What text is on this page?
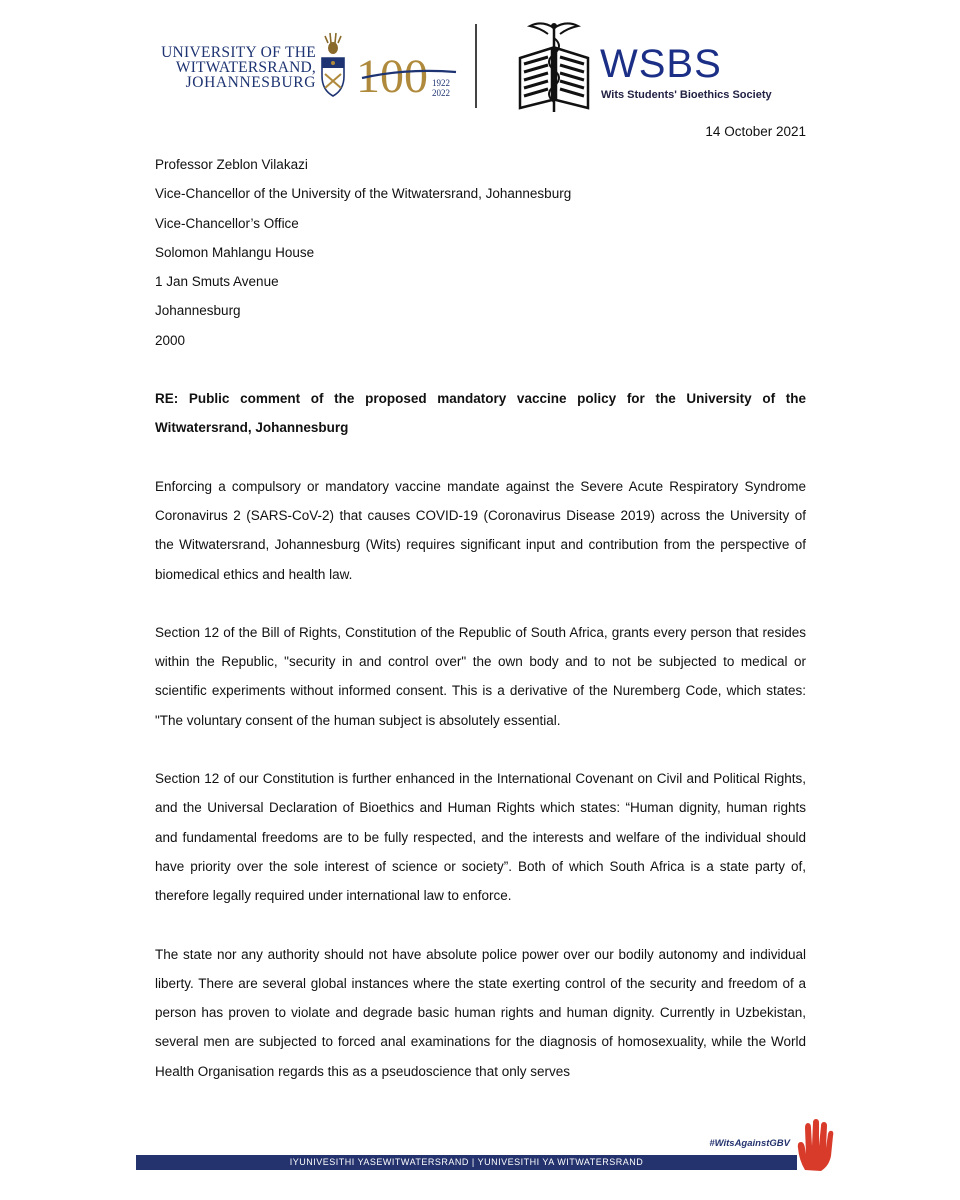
UNIVERSITY OF THE
WITWATERSRAND,
JOHANNESBURG 100 1922
2022
WSBS
Wits Students' Bioethics Society
14 October 2021
Professor Zeblon Vilakazi
Vice-Chancellor of the University of the Witwatersrand, Johannesburg
Vice-Chancellor’s Office
Solomon Mahlangu House
1 Jan Smuts Avenue
Johannesburg
2000
RE: Public comment of the proposed mandatory vaccine policy for the University of the Witwatersrand, Johannesburg

Enforcing a compulsory or mandatory vaccine mandate against the Severe Acute Respiratory Syndrome Coronavirus 2 (SARS-CoV-2) that causes COVID-19 (Coronavirus Disease 2019) across the University of the Witwatersrand, Johannesburg (Wits) requires significant input and contribution from the perspective of biomedical ethics and health law.

Section 12 of the Bill of Rights, Constitution of the Republic of South Africa, grants every person that resides within the Republic, "security in and control over" the own body and to not be subjected to medical or scientific experiments without informed consent. This is a derivative of the Nuremberg Code, which states: "The voluntary consent of the human subject is absolutely essential.

Section 12 of our Constitution is further enhanced in the International Covenant on Civil and Political Rights, and the Universal Declaration of Bioethics and Human Rights which states: “Human dignity, human rights and fundamental freedoms are to be fully respected, and the interests and welfare of the individual should have priority over the sole interest of science or society”. Both of which South Africa is a state party of, therefore legally required under international law to enforce.

The state nor any authority should not have absolute police power over our bodily autonomy and individual liberty. There are several global instances where the state exerting control of the security and freedom of a person has proven to violate and degrade basic human rights and human dignity. Currently in Uzbekistan, several men are subjected to forced anal examinations for the diagnosis of homosexuality, while the World Health Organisation regards this as a pseudoscience that only serves

#WitsAgainstGBV
IYUNIVESITHI YASEWITWATERSRAND | YUNIVESITHI YA WITWATERSRAND
